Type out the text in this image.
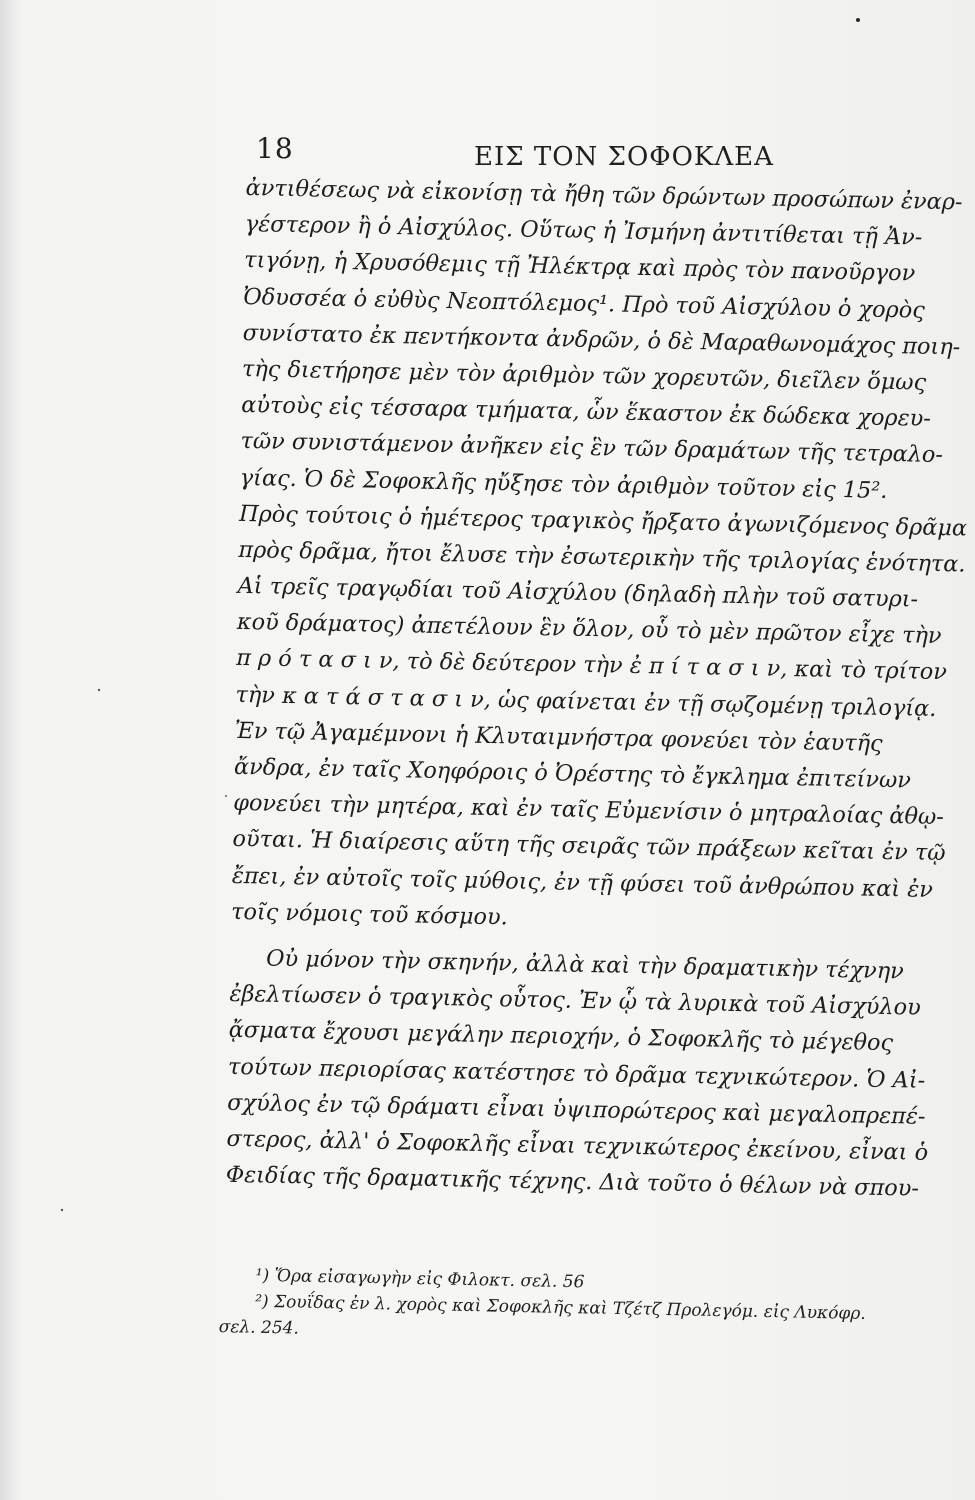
18	ΕΙΣ ΤΟΝ ΣΟΦΟΚΛΕΑ
ἀντιθέσεως νὰ εἰκονίσῃ τὰ ἤθη τῶν δρώντων προσώπων ἐναρ-
γέστερον ἢ ὁ Αἰσχύλος. Οὕτως ἡ Ἰσμήνη ἀντιτίθεται τῇ Ἀν-
τιγόνῃ, ἡ Χρυσόθεμις τῇ Ἠλέκτρᾳ καὶ πρὸς τὸν πανοῦργον
Ὀδυσσέα ὁ εὐθὺς Νεοπτόλεμος¹. Πρὸ τοῦ Αἰσχύλου ὁ χορὸς
συνίστατο ἐκ πεντήκοντα ἀνδρῶν, ὁ δὲ Μαραθωνομάχος ποιη-
τὴς διετήρησε μὲν τὸν ἀριθμὸν τῶν χορευτῶν, διεῖλεν ὅμως
αὐτοὺς εἰς τέσσαρα τμήματα, ὧν ἕκαστον ἐκ δώδεκα χορευ-
τῶν συνιστάμενον ἀνῆκεν εἰς ἓν τῶν δραμάτων τῆς τετραλο-
γίας. Ὁ δὲ Σοφοκλῆς ηὔξησε τὸν ἀριθμὸν τοῦτον εἰς 15².
Πρὸς τούτοις ὁ ἡμέτερος τραγικὸς ἤρξατο ἀγωνιζόμενος δρᾶμα
πρὸς δρᾶμα, ἤτοι ἔλυσε τὴν ἐσωτερικὴν τῆς τριλογίας ἑνότητα.
Αἱ τρεῖς τραγῳδίαι τοῦ Αἰσχύλου (δηλαδὴ πλὴν τοῦ σατυρι-
κοῦ δράματος) ἀπετέλουν ἓν ὅλον, οὗ τὸ μὲν πρῶτον εἶχε τὴν
π ρ ό τ α σ ι ν, τὸ δὲ δεύτερον τὴν ἐ π ί τ α σ ι ν, καὶ τὸ τρίτον
τὴν κ α τ ά σ τ α σ ι ν, ὡς φαίνεται ἐν τῇ σῳζομένῃ τριλογίᾳ.
Ἐν τῷ Ἀγαμέμνονι ἡ Κλυταιμνήστρα φονεύει τὸν ἑαυτῆς
ἄνδρα, ἐν ταῖς Χοηφόροις ὁ Ὀρέστης τὸ ἔγκλημα ἐπιτείνων
φονεύει τὴν μητέρα, καὶ ἐν ταῖς Εὐμενίσιν ὁ μητραλοίας ἀθῳ-
οῦται. Ἡ διαίρεσις αὕτη τῆς σειρᾶς τῶν πράξεων κεῖται ἐν τῷ
ἔπει, ἐν αὐτοῖς τοῖς μύθοις, ἐν τῇ φύσει τοῦ ἀνθρώπου καὶ ἐν
τοῖς νόμοις τοῦ κόσμου.
Οὐ μόνον τὴν σκηνήν, ἀλλὰ καὶ τὴν δραματικὴν τέχνην
ἐβελτίωσεν ὁ τραγικὸς οὗτος. Ἐν ᾧ τὰ λυρικὰ τοῦ Αἰσχύλου
ᾄσματα ἔχουσι μεγάλην περιοχήν, ὁ Σοφοκλῆς τὸ μέγεθος
τούτων περιορίσας κατέστησε τὸ δρᾶμα τεχνικώτερον. Ὁ Αἰ-
σχύλος ἐν τῷ δράματι εἶναι ὑψιπορώτερος καὶ μεγαλοπρεπέ-
στερος, ἀλλ' ὁ Σοφοκλῆς εἶναι τεχνικώτερος ἐκείνου, εἶναι ὁ
Φειδίας τῆς δραματικῆς τέχνης. Διὰ τοῦτο ὁ θέλων νὰ σπου-
¹) Ὅρα εἰσαγωγὴν εἰς Φιλοκτ. σελ. 56
²) Σουΐδας ἐν λ. χορὸς καὶ Σοφοκλῆς καὶ Τζέτζ Προλεγόμ. εἰς Λυκόφρ.
σελ. 254.
